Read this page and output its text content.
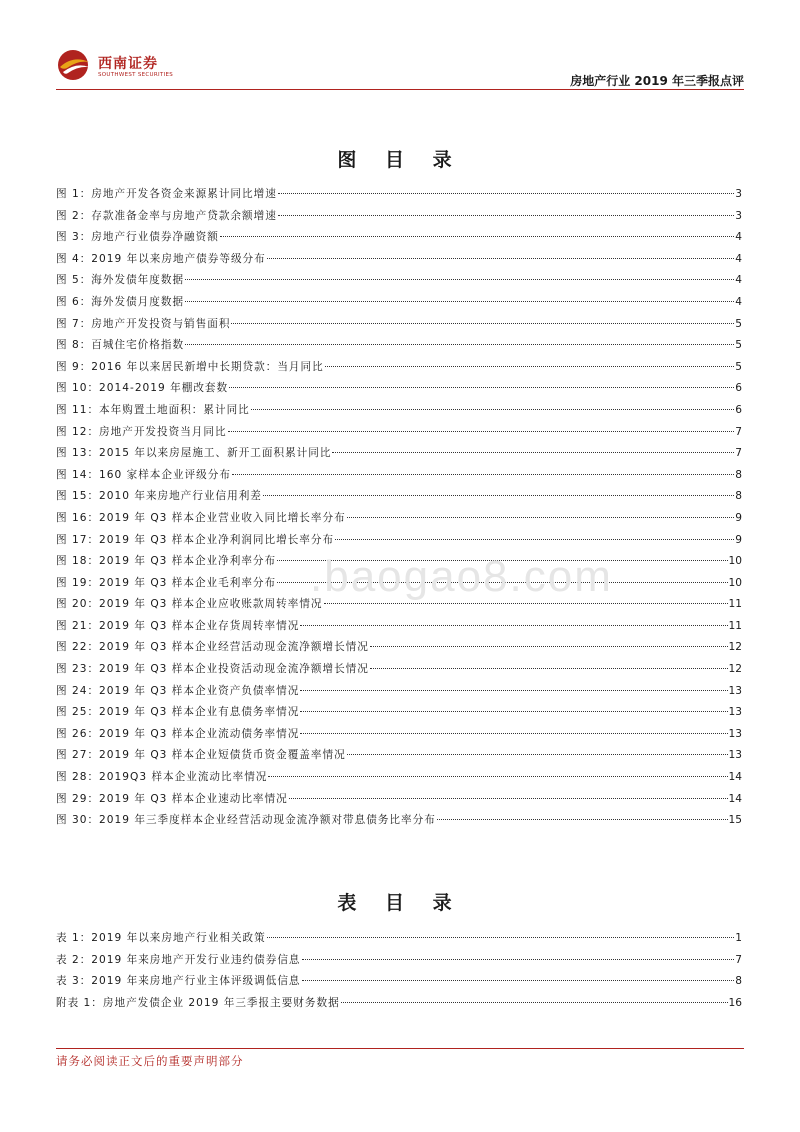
西南证券
SOUTHWEST SECURITIES	房地产行业 2019 年三季报点评
图 目 录
图 1：房地产开发各资金来源累计同比增速	3
图 2：存款准备金率与房地产贷款余额增速	3
图 3：房地产行业债券净融资额	4
图 4：2019 年以来房地产债券等级分布	4
图 5：海外发债年度数据	4
图 6：海外发债月度数据	4
图 7：房地产开发投资与销售面积	5
图 8：百城住宅价格指数	5
图 9：2016 年以来居民新增中长期贷款：当月同比	5
图 10：2014-2019 年棚改套数	6
图 11：本年购置土地面积：累计同比	6
图 12：房地产开发投资当月同比	7
图 13：2015 年以来房屋施工、新开工面积累计同比	7
图 14：160 家样本企业评级分布	8
图 15：2010 年来房地产行业信用利差	8
图 16：2019 年 Q3 样本企业营业收入同比增长率分布	9
图 17：2019 年 Q3 样本企业净利润同比增长率分布	9
图 18：2019 年 Q3 样本企业净利率分布	10
图 19：2019 年 Q3 样本企业毛利率分布	10
图 20：2019 年 Q3 样本企业应收账款周转率情况	11
图 21：2019 年 Q3 样本企业存货周转率情况	11
图 22：2019 年 Q3 样本企业经营活动现金流净额增长情况	12
图 23：2019 年 Q3 样本企业投资活动现金流净额增长情况	12
图 24：2019 年 Q3 样本企业资产负债率情况	13
图 25：2019 年 Q3 样本企业有息债务率情况	13
图 26：2019 年 Q3 样本企业流动债务率情况	13
图 27：2019 年 Q3 样本企业短债货币资金覆盖率情况	13
图 28：2019Q3 样本企业流动比率情况	14
图 29：2019 年 Q3 样本企业速动比率情况	14
图 30：2019 年三季度样本企业经营活动现金流净额对带息债务比率分布	15
表 目 录
表 1：2019 年以来房地产行业相关政策	1
表 2：2019 年来房地产开发行业违约债券信息	7
表 3：2019 年来房地产行业主体评级调低信息	8
附表 1：房地产发债企业 2019 年三季报主要财务数据	16
.baogao8.com
请务必阅读正文后的重要声明部分
